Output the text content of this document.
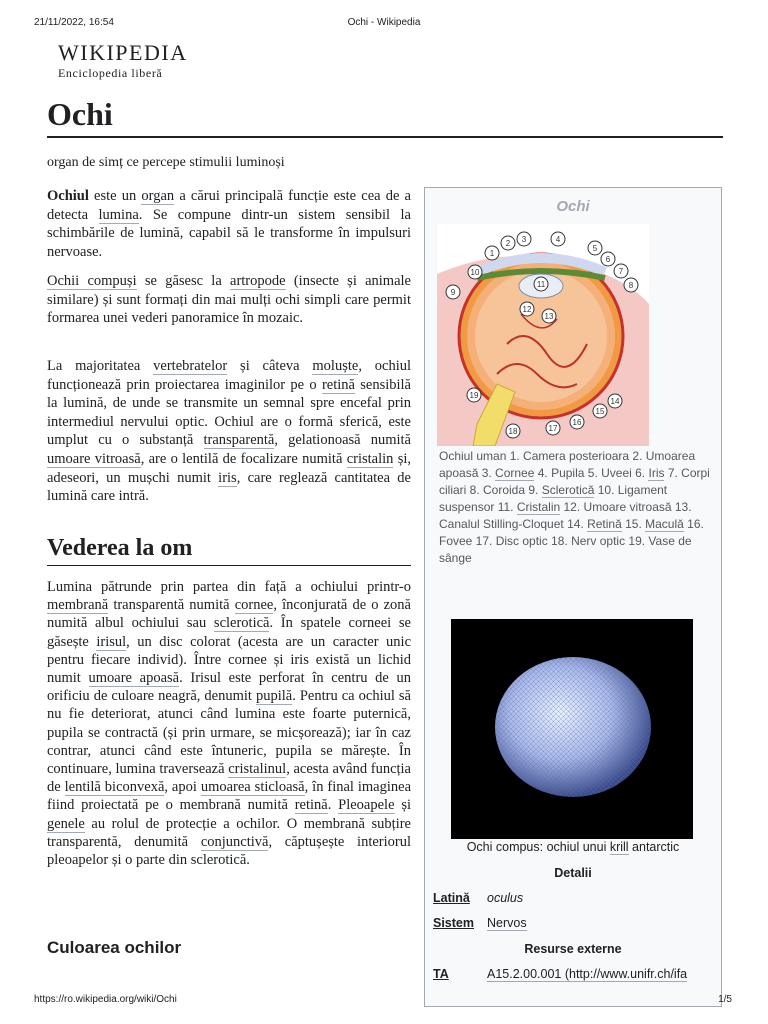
21/11/2022, 16:54	Ochi - Wikipedia
WIKIPEDIA
Enciclopedia liberă
Ochi
organ de simț ce percepe stimulii luminoși

Ochiul este un organ a cărui principală funcție este cea de a detecta lumina. Se compune dintr-un sistem sensibil la schimbările de lumină, capabil să le transforme în impulsuri nervoase.

Ochii compuși se găsesc la artropode (insecte și animale similare) și sunt formați din mai mulți ochi simpli care permit formarea unei vederi panoramice în mozaic.

La majoritatea vertebratelor și câteva moluște, ochiul funcționează prin proiectarea imaginilor pe o retină sensibilă la lumină, de unde se transmite un semnal spre encefal prin intermediul nervului optic. Ochiul are o formă sferică, este umplut cu o substanță transparentă, gelationoasă numită umoare vitroasă, are o lentilă de focalizare numită cristalin și, adeseori, un mușchi numit iris, care reglează cantitatea de lumină care intră.

Vederea la om

Lumina pătrunde prin partea din față a ochiului printr-o membrană transparentă numită cornee, înconjurată de o zonă numită albul ochiului sau sclerotică. În spatele corneei se găsește irisul, un disc colorat (acesta are un caracter unic pentru fiecare individ). Între cornee și iris există un lichid numit umoare apoasă. Irisul este perforat în centru de un orificiu de culoare neagră, denumit pupilă. Pentru ca ochiul să nu fie deteriorat, atunci când lumina este foarte puternică, pupila se contractă (și prin urmare, se micșorează); iar în caz contrar, atunci când este întuneric, pupila se mărește. În continuare, lumina traversează cristalinul, acesta având funcția de lentilă biconvexă, apoi umoarea sticloasă, în final imaginea fiind proiectată pe o membrană numită retină. Pleoapele și genele au rolul de protecție a ochilor. O membrană subțire transparentă, denumită conjunctivă, căptușește interiorul pleoapelor și o parte din sclerotică.

Culoarea ochilor
Ochi
1
2 3	4
5
6
7
8
9
10
11
12
13
14
15
16
17
18
19
Ochiul uman 1. Camera posterioara 2. Umoarea apoasă 3. Cornee 4. Pupila 5. Uveei 6. Iris 7. Corpi ciliari 8. Coroida 9. Sclerotică 10. Ligament suspensor 11. Cristalin 12. Umoare vitroasă 13. Canalul Stilling-Cloquet 14. Retină 15. Maculă 16. Fovee 17. Disc optic 18. Nerv optic 19. Vase de sânge
Ochi compus: ochiul unui krill antarctic
Detalii
Latină oculus
Sistem Nervos
Resurse externe
TA	A15.2.00.001 (http://www.unifr.ch/ifa
https://ro.wikipedia.org/wiki/Ochi	1/5
